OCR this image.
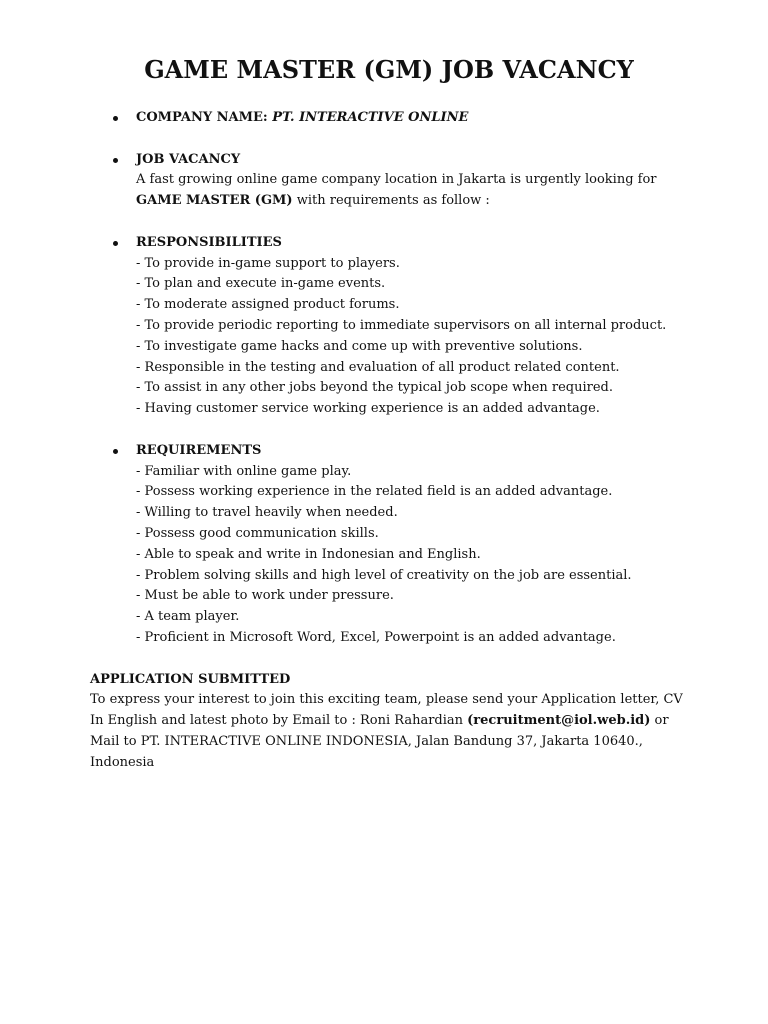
GAME MASTER (GM) JOB VACANCY
COMPANY NAME: PT. INTERACTIVE ONLINE
JOB VACANCY
A fast growing online game company location in Jakarta is urgently looking for GAME MASTER (GM) with requirements as follow :
RESPONSIBILITIES
- To provide in-game support to players.
- To plan and execute in-game events.
- To moderate assigned product forums.
- To provide periodic reporting to immediate supervisors on all internal product.
- To investigate game hacks and come up with preventive solutions.
- Responsible in the testing and evaluation of all product related content.
- To assist in any other jobs beyond the typical job scope when required.
- Having customer service working experience is an added advantage.
REQUIREMENTS
- Familiar with online game play.
- Possess working experience in the related field is an added advantage.
- Willing to travel heavily when needed.
- Possess good communication skills.
- Able to speak and write in Indonesian and English.
- Problem solving skills and high level of creativity on the job are essential.
- Must be able to work under pressure.
- A team player.
- Proficient in Microsoft Word, Excel, Powerpoint is an added advantage.
APPLICATION SUBMITTED
To express your interest to join this exciting team, please send your Application letter, CV In English and latest photo by Email to : Roni Rahardian (recruitment@iol.web.id) or Mail to PT. INTERACTIVE ONLINE INDONESIA, Jalan Bandung 37, Jakarta 10640., Indonesia
